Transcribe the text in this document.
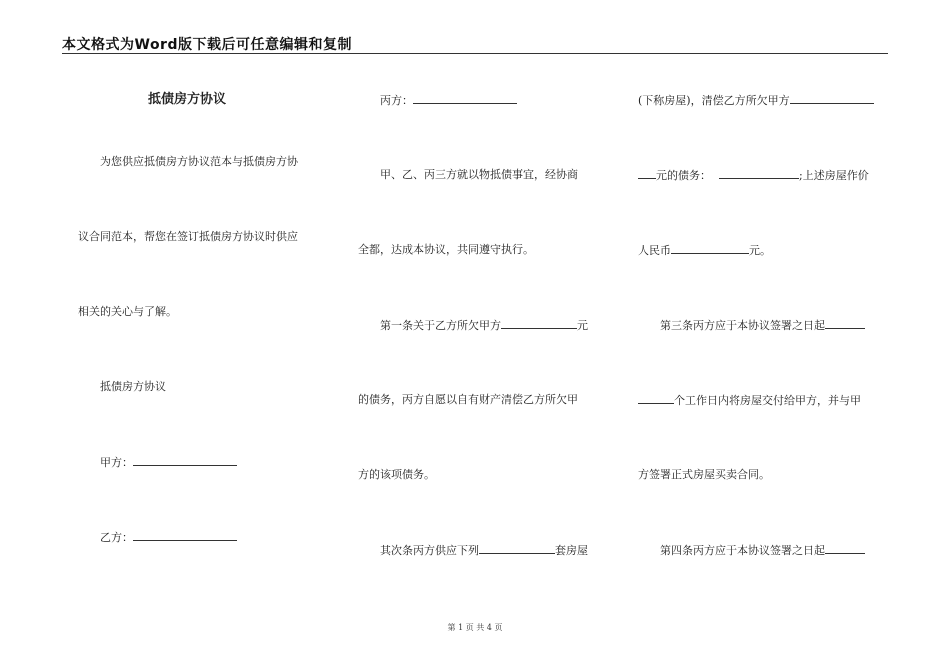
本文格式为Word版下载后可任意编辑和复制
抵债房方协议
为您供应抵债房方协议范本与抵债房方协
议合同范本，帮您在签订抵债房方协议时供应
相关的关心与了解。
抵债房方协议
甲方：
乙方：
丙方：
甲、乙、丙三方就以物抵债事宜，经协商
全都，达成本协议，共同遵守执行。
第一条关于乙方所欠甲方	元
的债务，丙方自愿以自有财产清偿乙方所欠甲
方的该项债务。
其次条丙方供应下列	套房屋
(下称房屋)，清偿乙方所欠甲方
元的债务：	;上述房屋作价
人民币	元。
第三条丙方应于本协议签署之日起
个工作日内将房屋交付给甲方，并与甲
方签署正式房屋买卖合同。
第四条丙方应于本协议签署之日起
第 1 页 共 4 页
